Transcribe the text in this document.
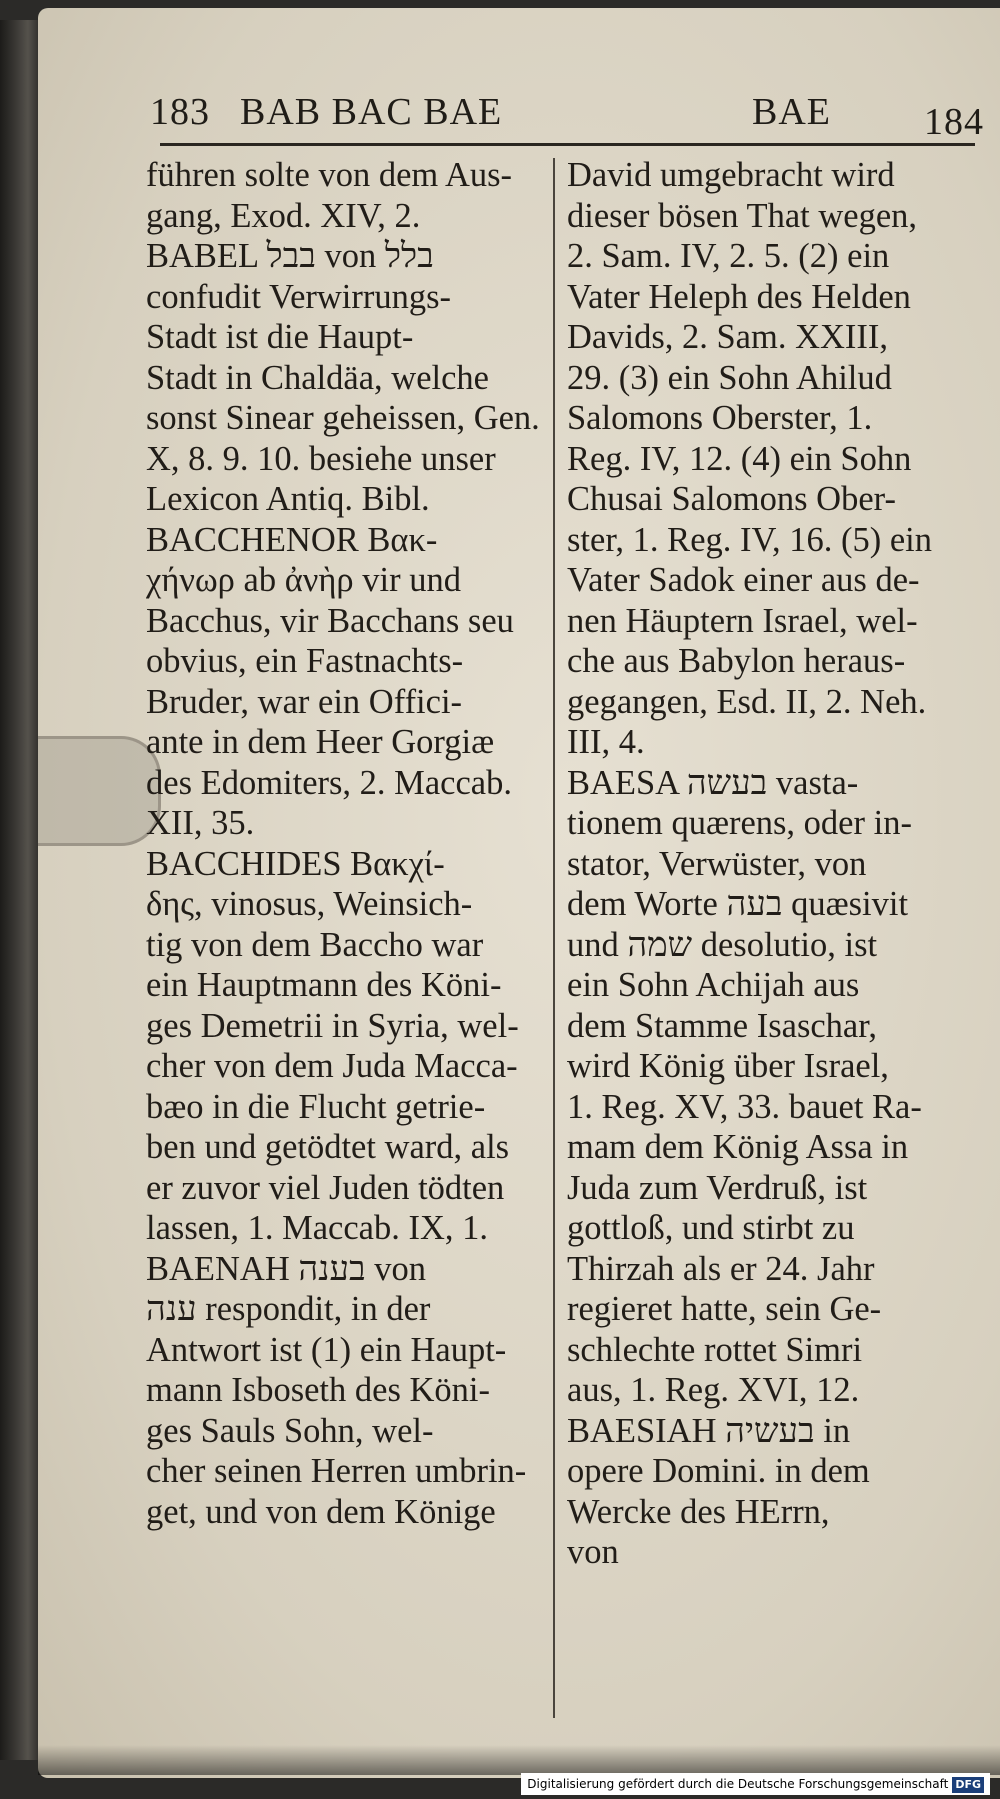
183 BAB BAC BAE	BAE 184
führen solte von dem Aus-
gang, Exod. XIV, 2.
BABEL בבל von בלל
confudit Verwirrungs-
Stadt ist die Haupt-
Stadt in Chaldäa, welche
sonst Sinear geheissen, Gen.
X, 8. 9. 10. besiehe unser
Lexicon Antiq. Bibl.
BACCHENOR Βακ-
χήνωρ ab ἀνὴρ vir und
Bacchus, vir Bacchans seu
obvius, ein Fastnachts-
Bruder, war ein Offici-
ante in dem Heer Gorgiæ
des Edomiters, 2. Maccab.
XII, 35.
BACCHIDES Βακχί-
δης, vinosus, Weinsich-
tig von dem Baccho war
ein Hauptmann des Köni-
ges Demetrii in Syria, wel-
cher von dem Juda Macca-
bæo in die Flucht getrie-
ben und getödtet ward, als
er zuvor viel Juden tödten
lassen, 1. Maccab. IX, 1.
BAENAH בענה von
ענה respondit, in der
Antwort ist (1) ein Haupt-
mann Isboseth des Köni-
ges Sauls Sohn, wel-
cher seinen Herren umbrin-
get, und von dem Könige
David umgebracht wird
dieser bösen That wegen,
2. Sam. IV, 2. 5. (2) ein
Vater Heleph des Helden
Davids, 2. Sam. XXIII,
29. (3) ein Sohn Ahilud
Salomons Oberster, 1.
Reg. IV, 12. (4) ein Sohn
Chusai Salomons Ober-
ster, 1. Reg. IV, 16. (5) ein
Vater Sadok einer aus de-
nen Häuptern Israel, wel-
che aus Babylon heraus-
gegangen, Esd. II, 2. Neh.
III, 4.
BAESA בעשה vasta-
tionem quærens, oder in-
stator, Verwüster, von
dem Worte בעה quæsivit
und שמה desolutio, ist
ein Sohn Achijah aus
dem Stamme Isaschar,
wird König über Israel,
1. Reg. XV, 33. bauet Ra-
mam dem König Assa in
Juda zum Verdruß, ist
gottloß, und stirbt zu
Thirzah als er 24. Jahr
regieret hatte, sein Ge-
schlechte rottet Simri
aus, 1. Reg. XVI, 12.
BAESIAH בעשיה in
opere Domini. in dem
Wercke des HErrn,
von
Digitalisierung gefördert durch die Deutsche Forschungsgemeinschaft DFG
